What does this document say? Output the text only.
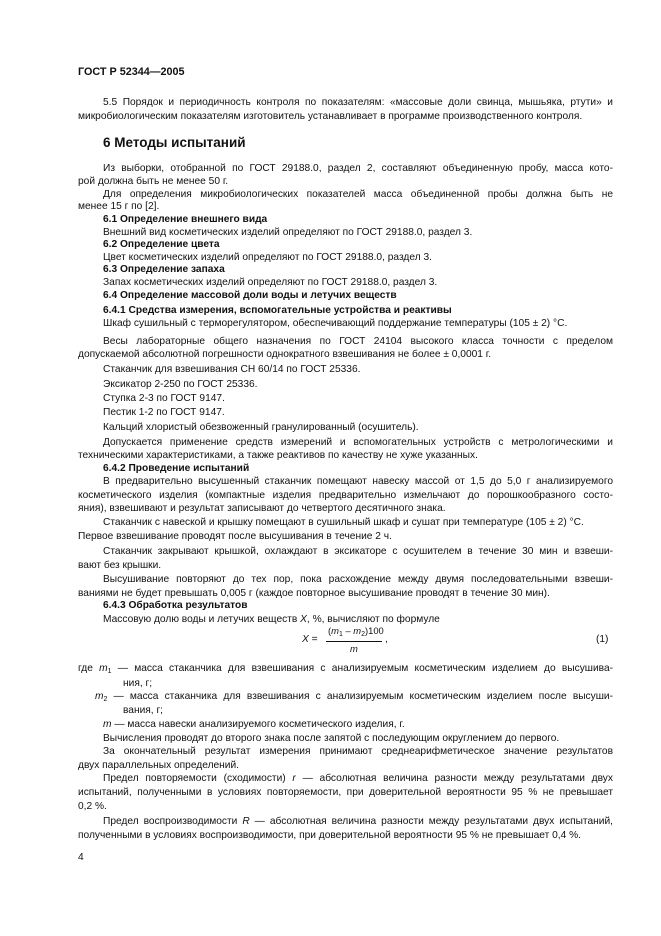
ГОСТ Р 52344—2005
5.5 Порядок и периодичность контроля по показателям: «массовые доли свинца, мышьяка, ртути» и
микробиологическим показателям изготовитель устанавливает в программе производственного контроля.
6 Методы испытаний
Из выборки, отобранной по ГОСТ 29188.0, раздел 2, составляют объединенную пробу, масса кото-
рой должна быть не менее 50 г.
Для определения микробиологических показателей масса объединенной пробы должна быть не
менее 15 г по [2].
6.1 Определение внешнего вида
Внешний вид косметических изделий определяют по ГОСТ 29188.0, раздел 3.
6.2 Определение цвета
Цвет косметических изделий определяют по ГОСТ 29188.0, раздел 3.
6.3 Определение запаха
Запах косметических изделий определяют по ГОСТ 29188.0, раздел 3.
6.4 Определение массовой доли воды и летучих веществ
6.4.1 Средства измерения, вспомогательные устройства и реактивы
Шкаф сушильный с терморегулятором, обеспечивающий поддержание температуры (105 ± 2) °С.
Весы лабораторные общего назначения по ГОСТ 24104 высокого класса точности с пределом
допускаемой абсолютной погрешности однократного взвешивания не более ± 0,0001 г.
Стаканчик для взвешивания СН 60/14 по ГОСТ 25336.
Эксикатор 2-250 по ГОСТ 25336.
Ступка 2-3 по ГОСТ 9147.
Пестик 1-2 по ГОСТ 9147.
Кальций хлористый обезвоженный гранулированный (осушитель).
Допускается применение средств измерений и вспомогательных устройств с метрологическими и
техническими характеристиками, а также реактивов по качеству не хуже указанных.
6.4.2 Проведение испытаний
В предварительно высушенный стаканчик помещают навеску массой от 1,5 до 5,0 г анализируемого
косметического изделия (компактные изделия предварительно измельчают до порошкообразного состо-
яния), взвешивают и результат записывают до четвертого десятичного знака.
Стаканчик с навеской и крышку помещают в сушильный шкаф и сушат при температуре (105 ± 2) °С.
Первое взвешивание проводят после высушивания в течение 2 ч.
Стаканчик закрывают крышкой, охлаждают в эксикаторе с осушителем в течение 30 мин и взвеши-
вают без крышки.
Высушивание повторяют до тех пор, пока расхождение между двумя последовательными взвеши-
ваниями не будет превышать 0,005 г (каждое повторное высушивание проводят в течение 30 мин).
6.4.3 Обработка результатов
Массовую долю воды и летучих веществ X, %, вычисляют по формуле
X =
$(m_1 - m_2)100$
m
,	(1)
где $m_1$ — масса стаканчика для взвешивания с анализируемым косметическим изделием до высушива-
ния, г;
$m_2$ — масса стаканчика для взвешивания с анализируемым косметическим изделием после высуши-
вания, г;
m — масса навески анализируемого косметического изделия, г.
Вычисления проводят до второго знака после запятой с последующим округлением до первого.
За окончательный результат измерения принимают среднеарифметическое значение результатов
двух параллельных определений.
Предел повторяемости (сходимости) r — абсолютная величина разности между результатами двух
испытаний, полученными в условиях повторяемости, при доверительной вероятности 95 % не превышает
0,2 %.
Предел воспроизводимости R — абсолютная величина разности между результатами двух испытаний,
полученными в условиях воспроизводимости, при доверительной вероятности 95 % не превышает 0,4 %.
4
